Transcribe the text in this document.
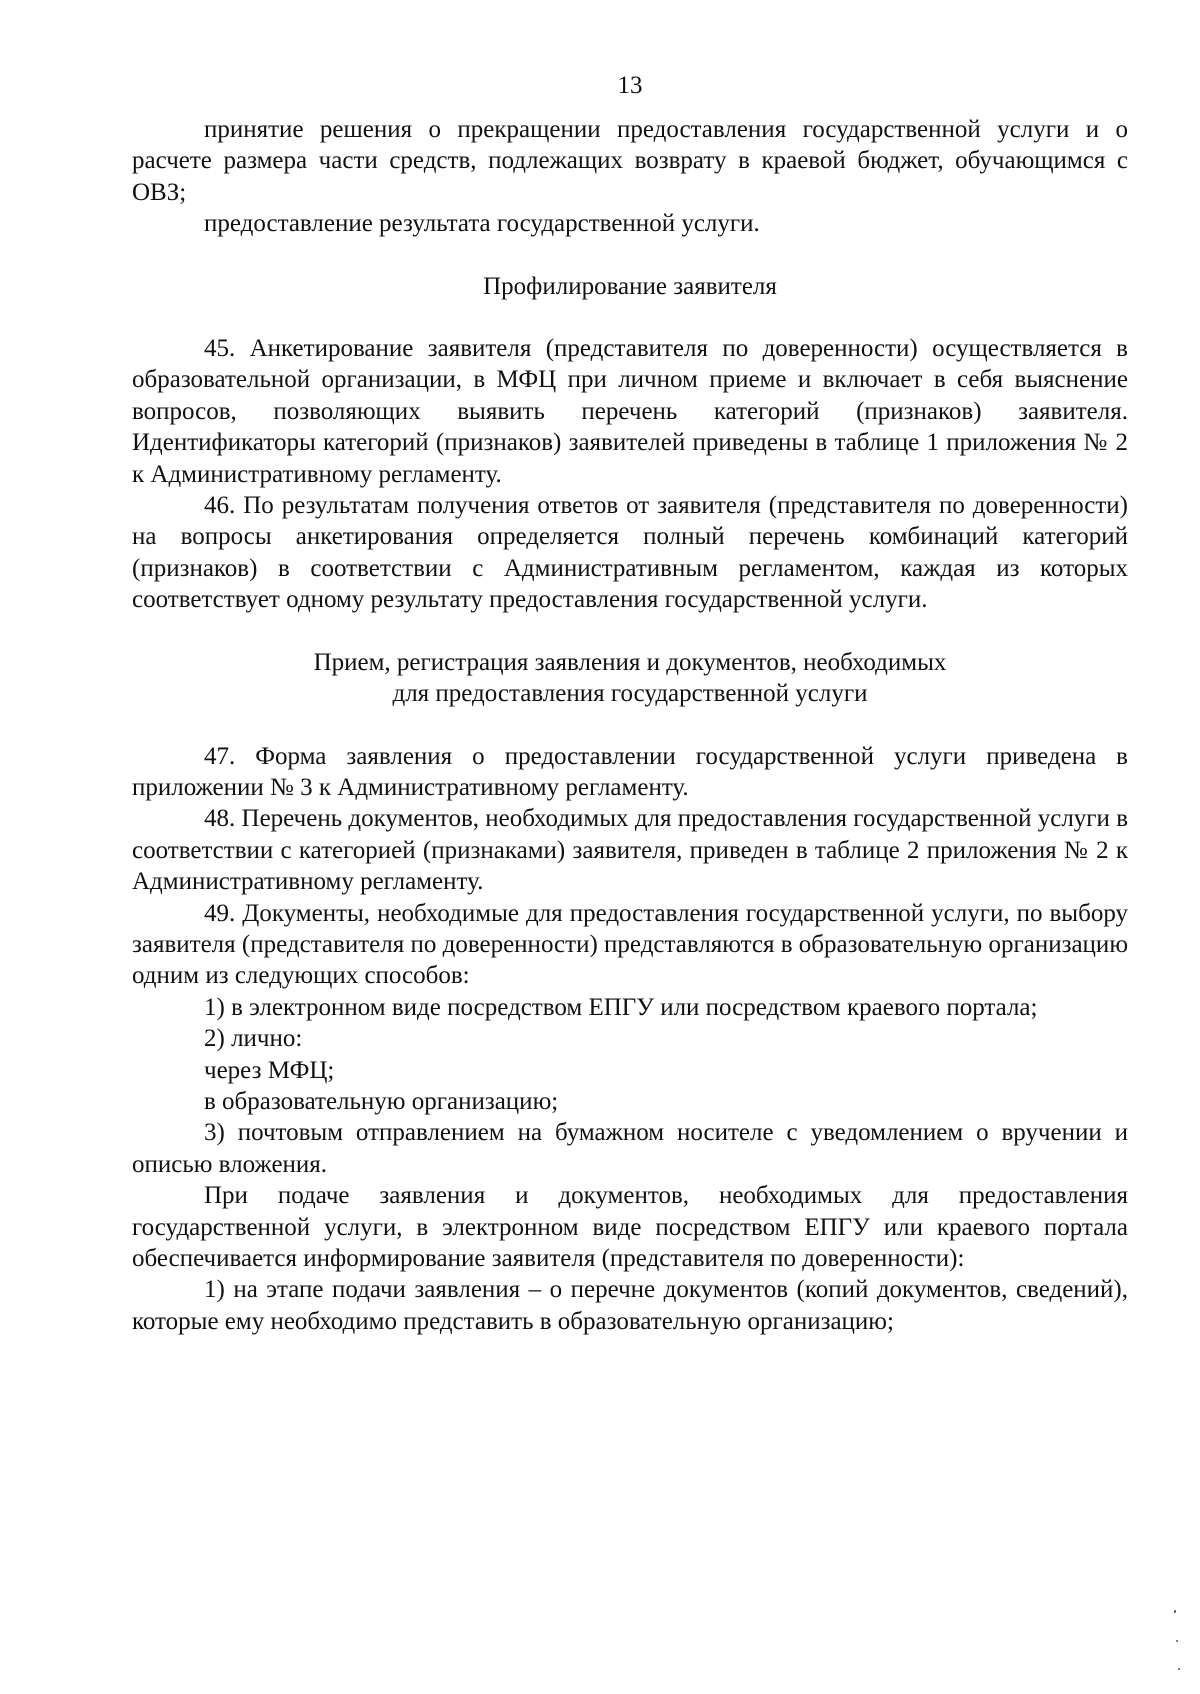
13

принятие решения о прекращении предоставления государственной услуги и о расчете размера части средств, подлежащих возврату в краевой бюджет, обучающимся с ОВЗ;

предоставление результата государственной услуги.

Профилирование заявителя

45. Анкетирование заявителя (представителя по доверенности) осуществляется в образовательной организации, в МФЦ при личном приеме и включает в себя выяснение вопросов, позволяющих выявить перечень категорий (признаков) заявителя. Идентификаторы категорий (признаков) заявителей приведены в таблице 1 приложения № 2 к Административному регламенту.

46. По результатам получения ответов от заявителя (представителя по доверенности) на вопросы анкетирования определяется полный перечень комбинаций категорий (признаков) в соответствии с Административным регламентом, каждая из которых соответствует одному результату предоставления государственной услуги.

Прием, регистрация заявления и документов, необходимых

для предоставления государственной услуги

47. Форма заявления о предоставлении государственной услуги приведена в приложении № 3 к Административному регламенту.

48. Перечень документов, необходимых для предоставления государственной услуги в соответствии с категорией (признаками) заявителя, приведен в таблице 2 приложения № 2 к Административному регламенту.

49. Документы, необходимые для предоставления государственной услуги, по выбору заявителя (представителя по доверенности) представляются в образовательную организацию одним из следующих способов:

1) в электронном виде посредством ЕПГУ или посредством краевого портала;

2) лично:

через МФЦ;

в образовательную организацию;

3) почтовым отправлением на бумажном носителе с уведомлением о вручении и описью вложения.

При подаче заявления и документов, необходимых для предоставления государственной услуги, в электронном виде посредством ЕПГУ или краевого портала обеспечивается информирование заявителя (представителя по доверенности):

1) на этапе подачи заявления – о перечне документов (копий документов, сведений), которые ему необходимо представить в образовательную организацию;
